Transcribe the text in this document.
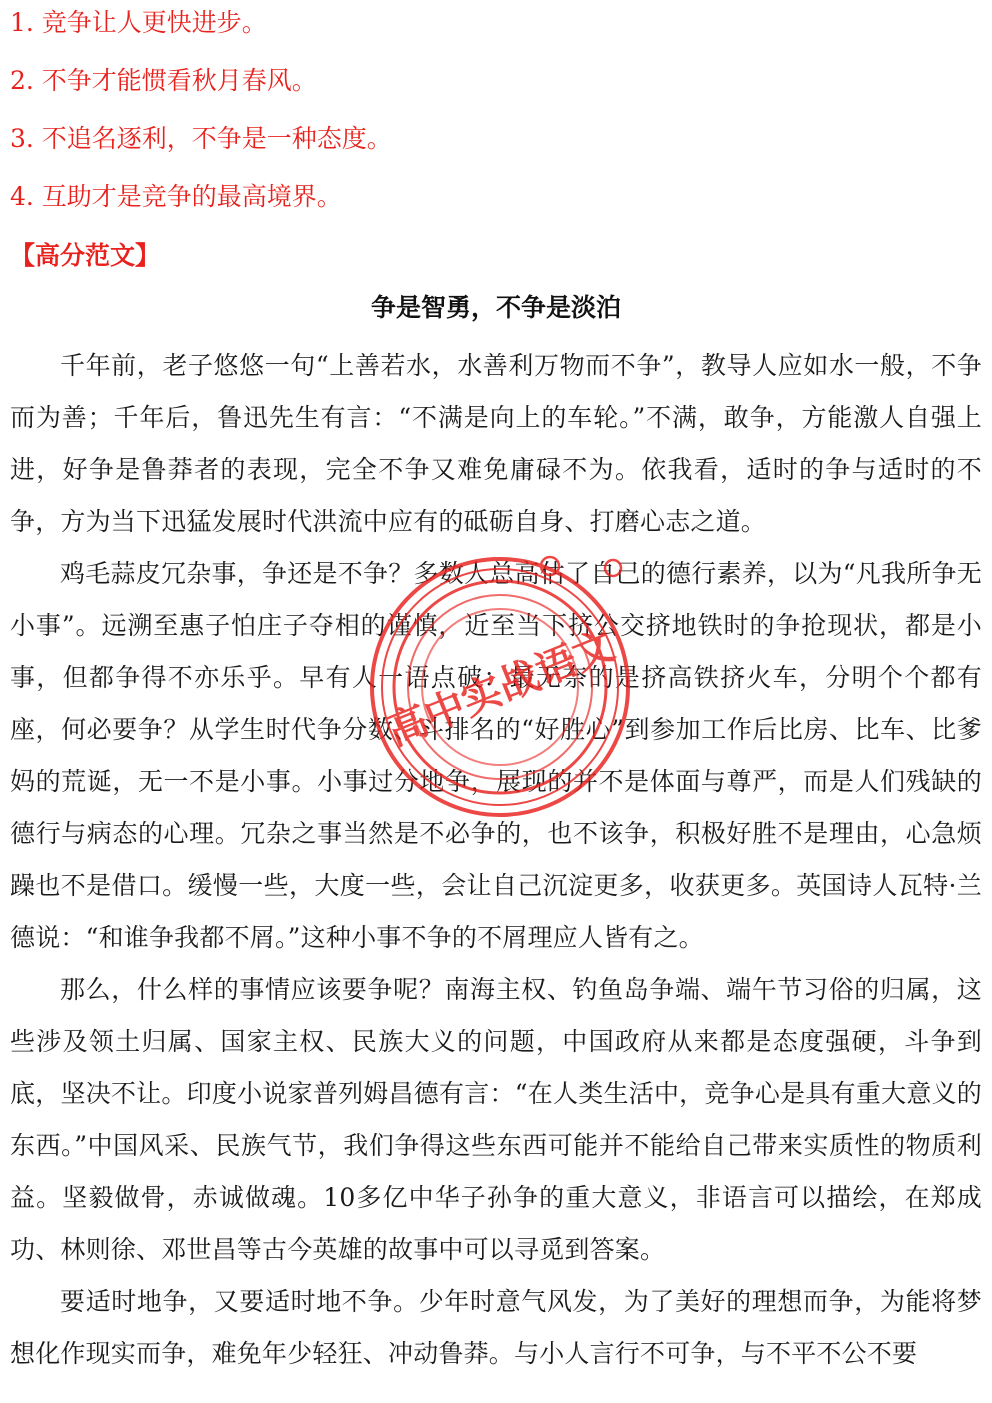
1. 竞争让人更快进步。
2. 不争才能惯看秋月春风。
3. 不追名逐利，不争是一种态度。
4. 互助才是竞争的最高境界。
【高分范文】
争是智勇，不争是淡泊

千年前，老子悠悠一句“上善若水，水善利万物而不争”，教导人应如水一般，不争而为善；千年后，鲁迅先生有言：“不满是向上的车轮。”不满，敢争，方能激人自强上进，好争是鲁莽者的表现，完全不争又难免庸碌不为。依我看，适时的争与适时的不争，方为当下迅猛发展时代洪流中应有的砥砺自身、打磨心志之道。

鸡毛蒜皮冗杂事，争还是不争？多数人总高估了自己的德行素养，以为“凡我所争无小事”。远溯至惠子怕庄子夺相的谨慎，近至当下挤公交挤地铁时的争抢现状，都是小事，但都争得不亦乐乎。早有人一语点破：最无奈的是挤高铁挤火车，分明个个都有座，何必要争？从学生时代争分数、斗排名的“好胜心”到参加工作后比房、比车、比爹妈的荒诞，无一不是小事。小事过分地争，展现的并不是体面与尊严，而是人们残缺的德行与病态的心理。冗杂之事当然是不必争的，也不该争，积极好胜不是理由，心急烦躁也不是借口。缓慢一些，大度一些，会让自己沉淀更多，收获更多。英国诗人瓦特·兰德说：“和谁争我都不屑。”这种小事不争的不屑理应人皆有之。

那么，什么样的事情应该要争呢？南海主权、钓鱼岛争端、端午节习俗的归属，这些涉及领土归属、国家主权、民族大义的问题，中国政府从来都是态度强硬，斗争到底，坚决不让。印度小说家普列姆昌德有言：“在人类生活中，竞争心是具有重大意义的东西。”中国风采、民族气节，我们争得这些东西可能并不能给自己带来实质性的物质利益。坚毅做骨，赤诚做魂。10多亿中华子孙争的重大意义，非语言可以描绘，在郑成功、林则徐、邓世昌等古今英雄的故事中可以寻觅到答案。

要适时地争，又要适时地不争。少年时意气风发，为了美好的理想而争，为能将梦想化作现实而争，难免年少轻狂、冲动鲁莽。与小人言行不可争，与不平不公不要

高中实战语文
